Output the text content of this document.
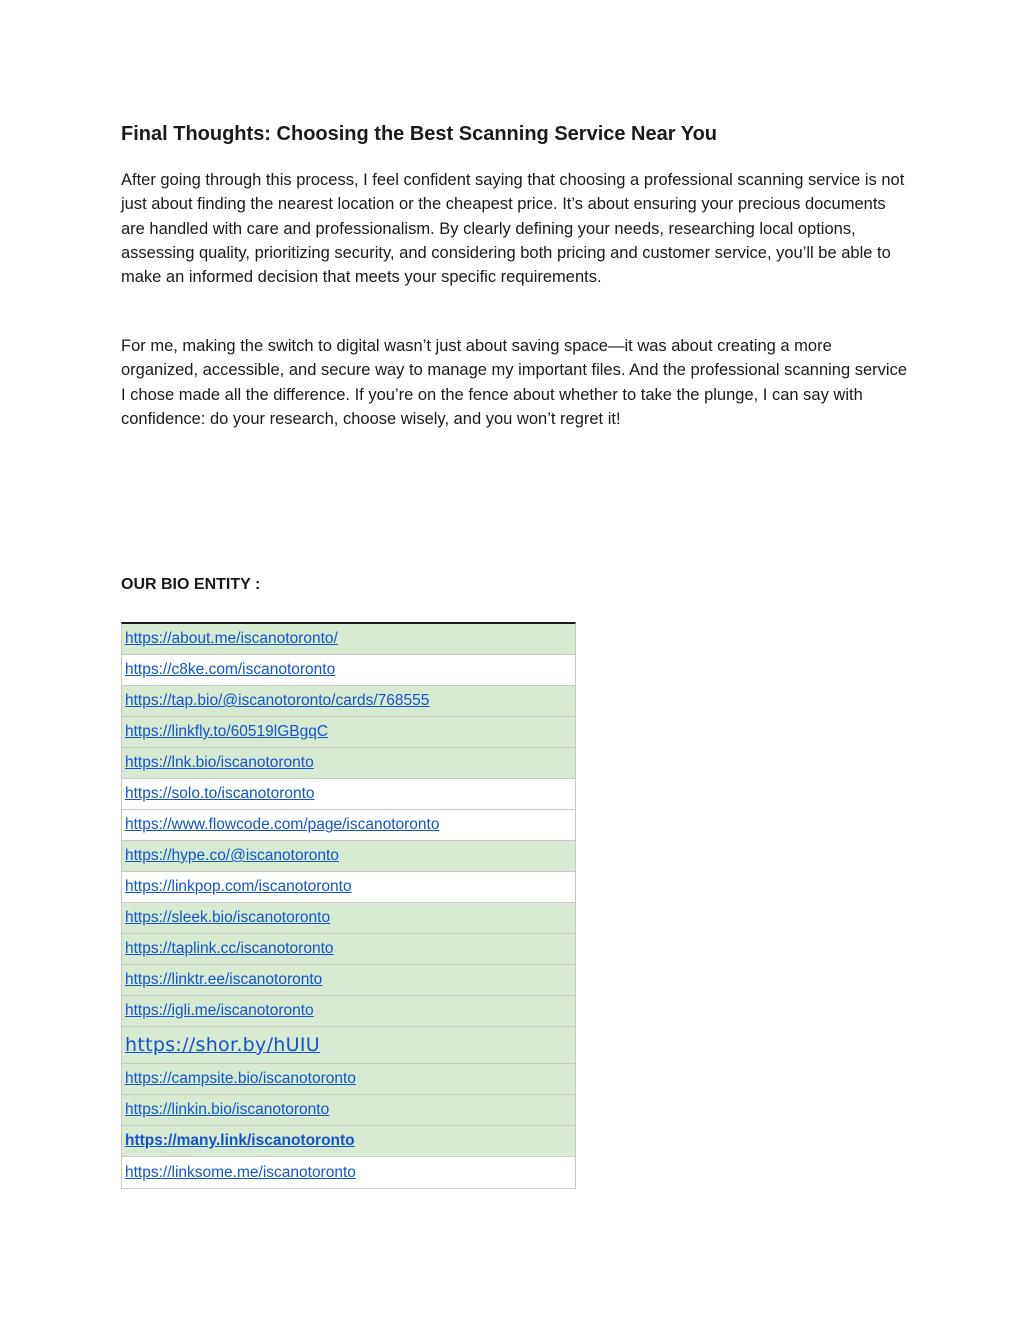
Final Thoughts: Choosing the Best Scanning Service Near You

After going through this process, I feel confident saying that choosing a professional scanning service is not just about finding the nearest location or the cheapest price. It’s about ensuring your precious documents are handled with care and professionalism. By clearly defining your needs, researching local options, assessing quality, prioritizing security, and considering both pricing and customer service, you’ll be able to make an informed decision that meets your specific requirements.

For me, making the switch to digital wasn’t just about saving space—it was about creating a more organized, accessible, and secure way to manage my important files. And the professional scanning service I chose made all the difference. If you’re on the fence about whether to take the plunge, I can say with confidence: do your research, choose wisely, and you won’t regret it!

OUR BIO ENTITY :

https://about.me/iscanotoronto/
https://c8ke.com/iscanotoronto
https://tap.bio/@iscanotoronto/cards/768555
https://linkfly.to/60519lGBgqC
https://lnk.bio/iscanotoronto
https://solo.to/iscanotoronto
https://www.flowcode.com/page/iscanotoronto
https://hype.co/@iscanotoronto
https://linkpop.com/iscanotoronto
https://sleek.bio/iscanotoronto
https://taplink.cc/iscanotoronto
https://linktr.ee/iscanotoronto
https://igli.me/iscanotoronto
https://shor.by/hUIU
https://campsite.bio/iscanotoronto
https://linkin.bio/iscanotoronto
https://many.link/iscanotoronto
https://linksome.me/iscanotoronto
